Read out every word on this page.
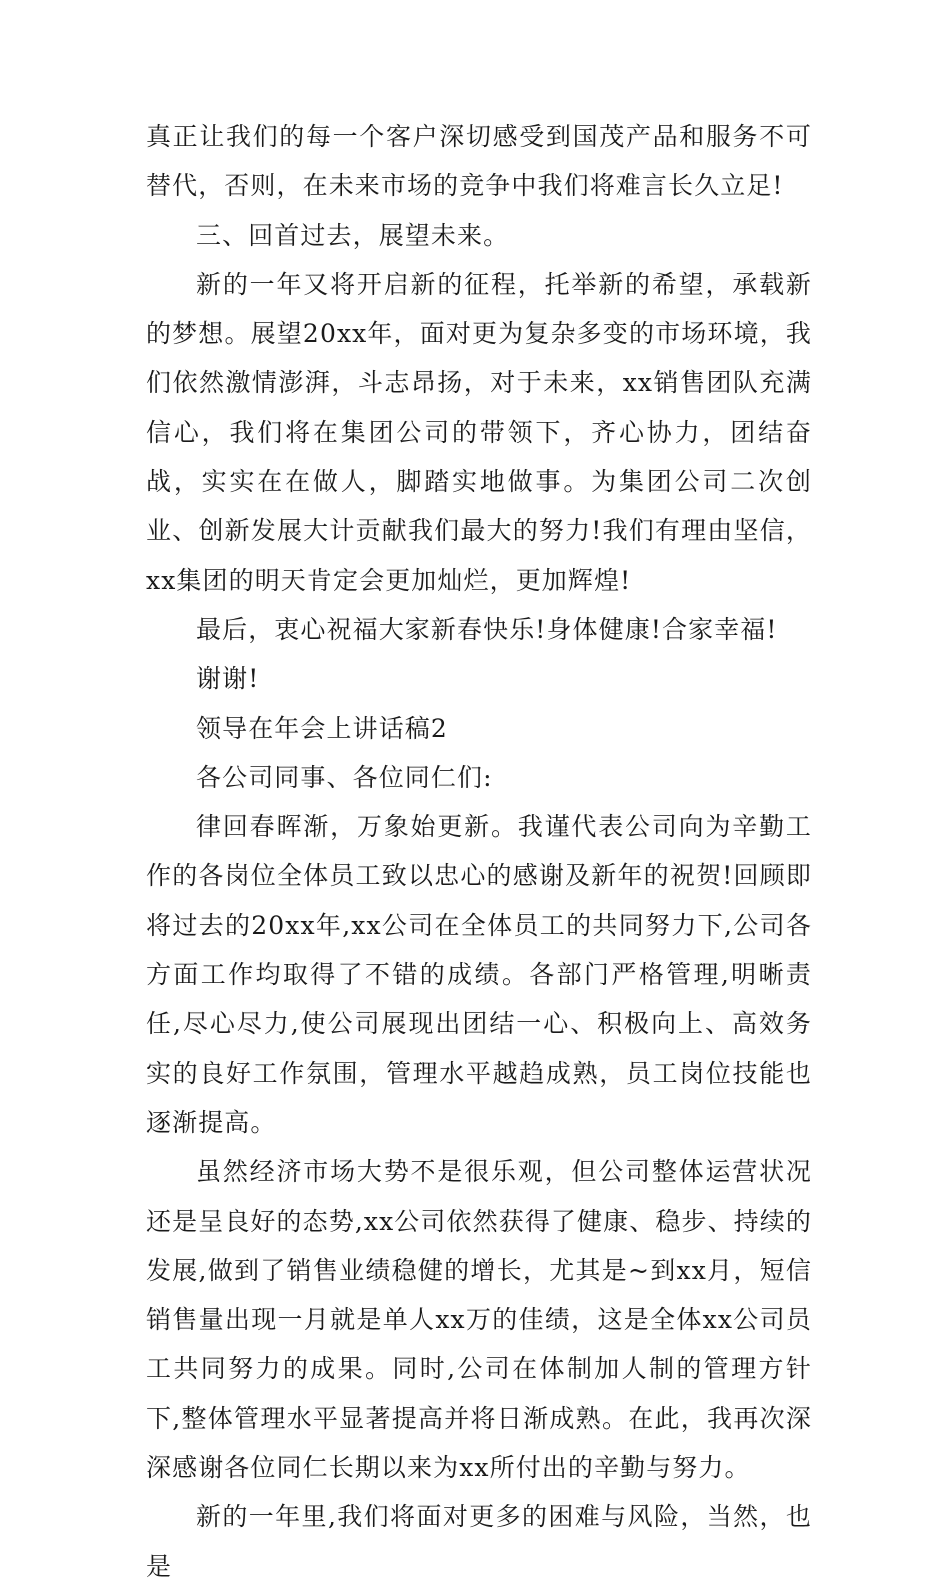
真正让我们的每一个客户深切感受到国茂产品和服务不可替代，否则，在未来市场的竞争中我们将难言长久立足!

三、回首过去，展望未来。

新的一年又将开启新的征程，托举新的希望，承载新的梦想。展望20xx年，面对更为复杂多变的市场环境，我们依然激情澎湃，斗志昂扬，对于未来，xx销售团队充满信心，我们将在集团公司的带领下，齐心协力，团结奋战，实实在在做人，脚踏实地做事。为集团公司二次创业、创新发展大计贡献我们最大的努力!我们有理由坚信，xx集团的明天肯定会更加灿烂，更加辉煌!

最后，衷心祝福大家新春快乐!身体健康!合家幸福!

谢谢!

领导在年会上讲话稿2

各公司同事、各位同仁们:

律回春晖渐，万象始更新。我谨代表公司向为辛勤工作的各岗位全体员工致以忠心的感谢及新年的祝贺!回顾即将过去的20xx年,xx公司在全体员工的共同努力下,公司各方面工作均取得了不错的成绩。各部门严格管理,明晰责任,尽心尽力,使公司展现出团结一心、积极向上、高效务实的良好工作氛围，管理水平越趋成熟，员工岗位技能也逐渐提高。

虽然经济市场大势不是很乐观，但公司整体运营状况还是呈良好的态势,xx公司依然获得了健康、稳步、持续的发展,做到了销售业绩稳健的增长，尤其是~到xx月，短信销售量出现一月就是单人xx万的佳绩，这是全体xx公司员工共同努力的成果。同时,公司在体制加人制的管理方针下,整体管理水平显著提高并将日渐成熟。在此，我再次深深感谢各位同仁长期以来为xx所付出的辛勤与努力。

新的一年里,我们将面对更多的困难与风险，当然，也是
